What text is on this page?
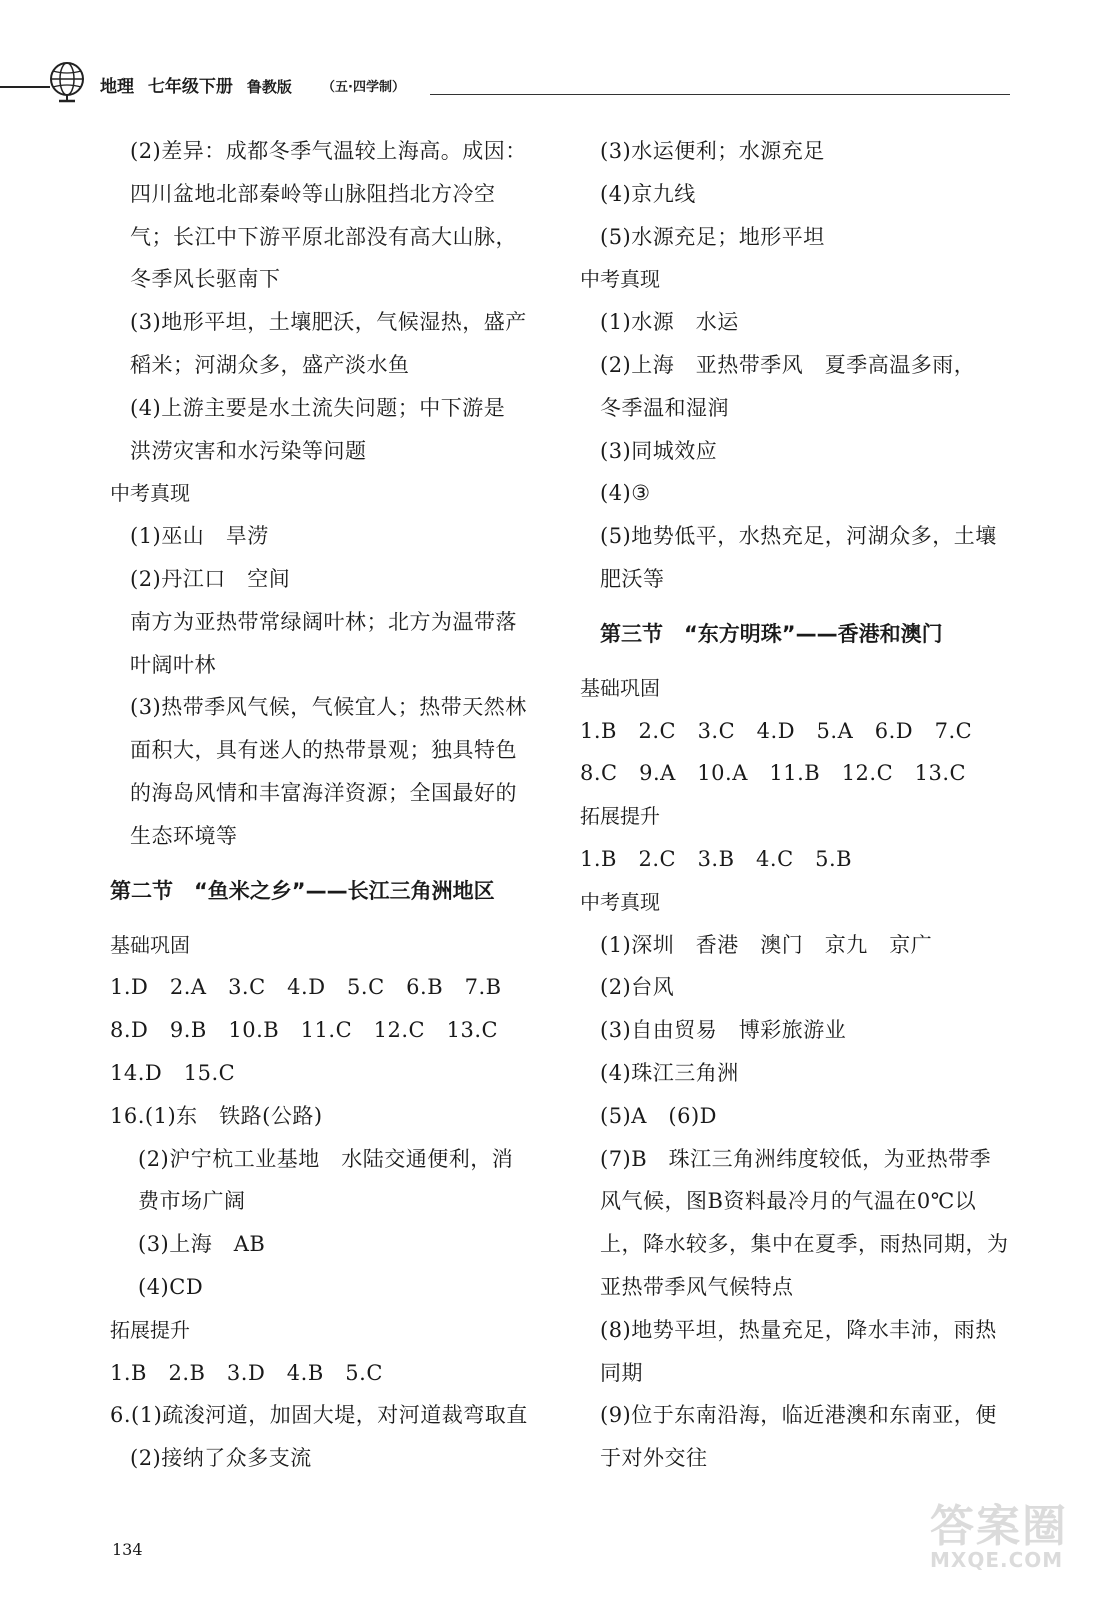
地理 七年级下册 鲁教版	（五·四学制）
(2)差异：成都冬季气温较上海高。成因：
四川盆地北部秦岭等山脉阻挡北方冷空
气；长江中下游平原北部没有高大山脉，
冬季风长驱南下
(3)地形平坦，土壤肥沃，气候湿热，盛产
稻米；河湖众多，盛产淡水鱼
(4)上游主要是水土流失问题；中下游是
洪涝灾害和水污染等问题
中考真现
(1)巫山　旱涝
(2)丹江口　空间
南方为亚热带常绿阔叶林；北方为温带落
叶阔叶林
(3)热带季风气候，气候宜人；热带天然林
面积大，具有迷人的热带景观；独具特色
的海岛风情和丰富海洋资源；全国最好的
生态环境等
第二节　“鱼米之乡”——长江三角洲地区
基础巩固
1.D　2.A　3.C　4.D　5.C　6.B　7.B
8.D　9.B　10.B　11.C　12.C　13.C
14.D　15.C
16.(1)东　铁路(公路)
(2)沪宁杭工业基地　水陆交通便利，消
费市场广阔
(3)上海　AB
(4)CD
拓展提升
1.B　2.B　3.D　4.B　5.C
6.(1)疏浚河道，加固大堤，对河道裁弯取直
(2)接纳了众多支流
(3)水运便利；水源充足
(4)京九线
(5)水源充足；地形平坦
中考真现
(1)水源　水运
(2)上海　亚热带季风　夏季高温多雨，
冬季温和湿润
(3)同城效应
(4)③
(5)地势低平，水热充足，河湖众多，土壤
肥沃等
第三节　“东方明珠”——香港和澳门
基础巩固
1.B　2.C　3.C　4.D　5.A　6.D　7.C
8.C　9.A　10.A　11.B　12.C　13.C
拓展提升
1.B　2.C　3.B　4.C　5.B
中考真现
(1)深圳　香港　澳门　京九　京广
(2)台风
(3)自由贸易　博彩旅游业
(4)珠江三角洲
(5)A　(6)D
(7)B　珠江三角洲纬度较低，为亚热带季
风气候，图B资料最冷月的气温在0℃以
上，降水较多，集中在夏季，雨热同期，为
亚热带季风气候特点
(8)地势平坦，热量充足，降水丰沛，雨热
同期
(9)位于东南沿海，临近港澳和东南亚，便
于对外交往
134	答案圈
MXQE.COM
